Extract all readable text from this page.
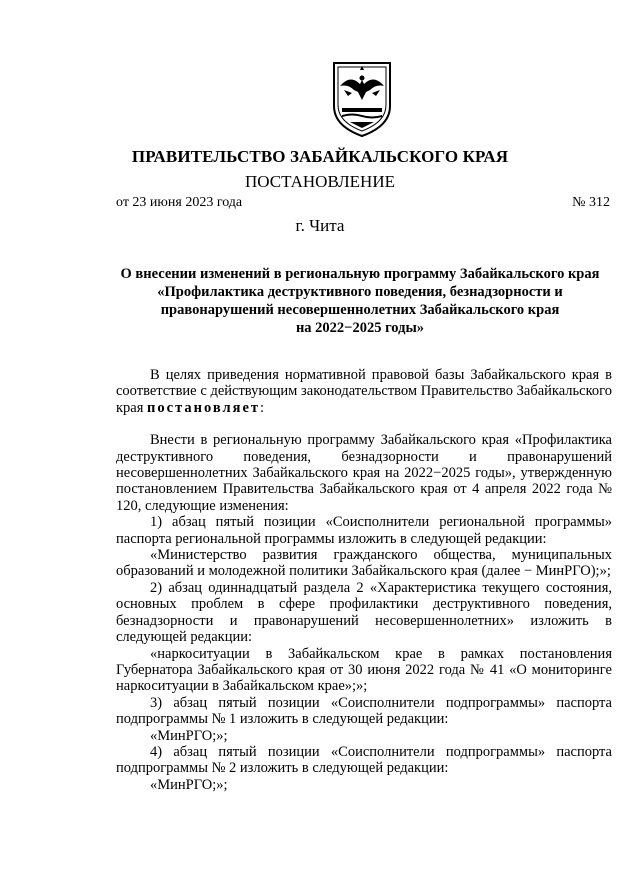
ПРАВИТЕЛЬСТВО ЗАБАЙКАЛЬСКОГО КРАЯ
ПОСТАНОВЛЕНИЕ
от 23 июня 2023 года	№ 312
г. Чита
О внесении изменений в региональную программу Забайкальского края
«Профилактика деструктивного поведения, безнадзорности и
правонарушений несовершеннолетних Забайкальского края
на 2022−2025 годы»

В целях приведения нормативной правовой базы Забайкальского края в соответствие с действующим законодательством Правительство Забайкальского края постановляет:

Внести в региональную программу Забайкальского края «Профилактика деструктивного поведения, безнадзорности и правонарушений несовершеннолетних Забайкальского края на 2022−2025 годы», утвержденную постановлением Правительства Забайкальского края от 4 апреля 2022 года № 120, следующие изменения:

1) абзац пятый позиции «Соисполнители региональной программы» паспорта региональной программы изложить в следующей редакции:

«Министерство развития гражданского общества, муниципальных образований и молодежной политики Забайкальского края (далее − МинРГО);»;

2) абзац одиннадцатый раздела 2 «Характеристика текущего состояния, основных проблем в сфере профилактики деструктивного поведения, безнадзорности и правонарушений несовершеннолетних» изложить в следующей редакции:

«наркоситуации в Забайкальском крае в рамках постановления Губернатора Забайкальского края от 30 июня 2022 года № 41 «О мониторинге наркоситуации в Забайкальском крае»;»;

3) абзац пятый позиции «Соисполнители подпрограммы» паспорта подпрограммы № 1 изложить в следующей редакции:

«МинРГО;»;

4) абзац пятый позиции «Соисполнители подпрограммы» паспорта подпрограммы № 2 изложить в следующей редакции:

«МинРГО;»;
